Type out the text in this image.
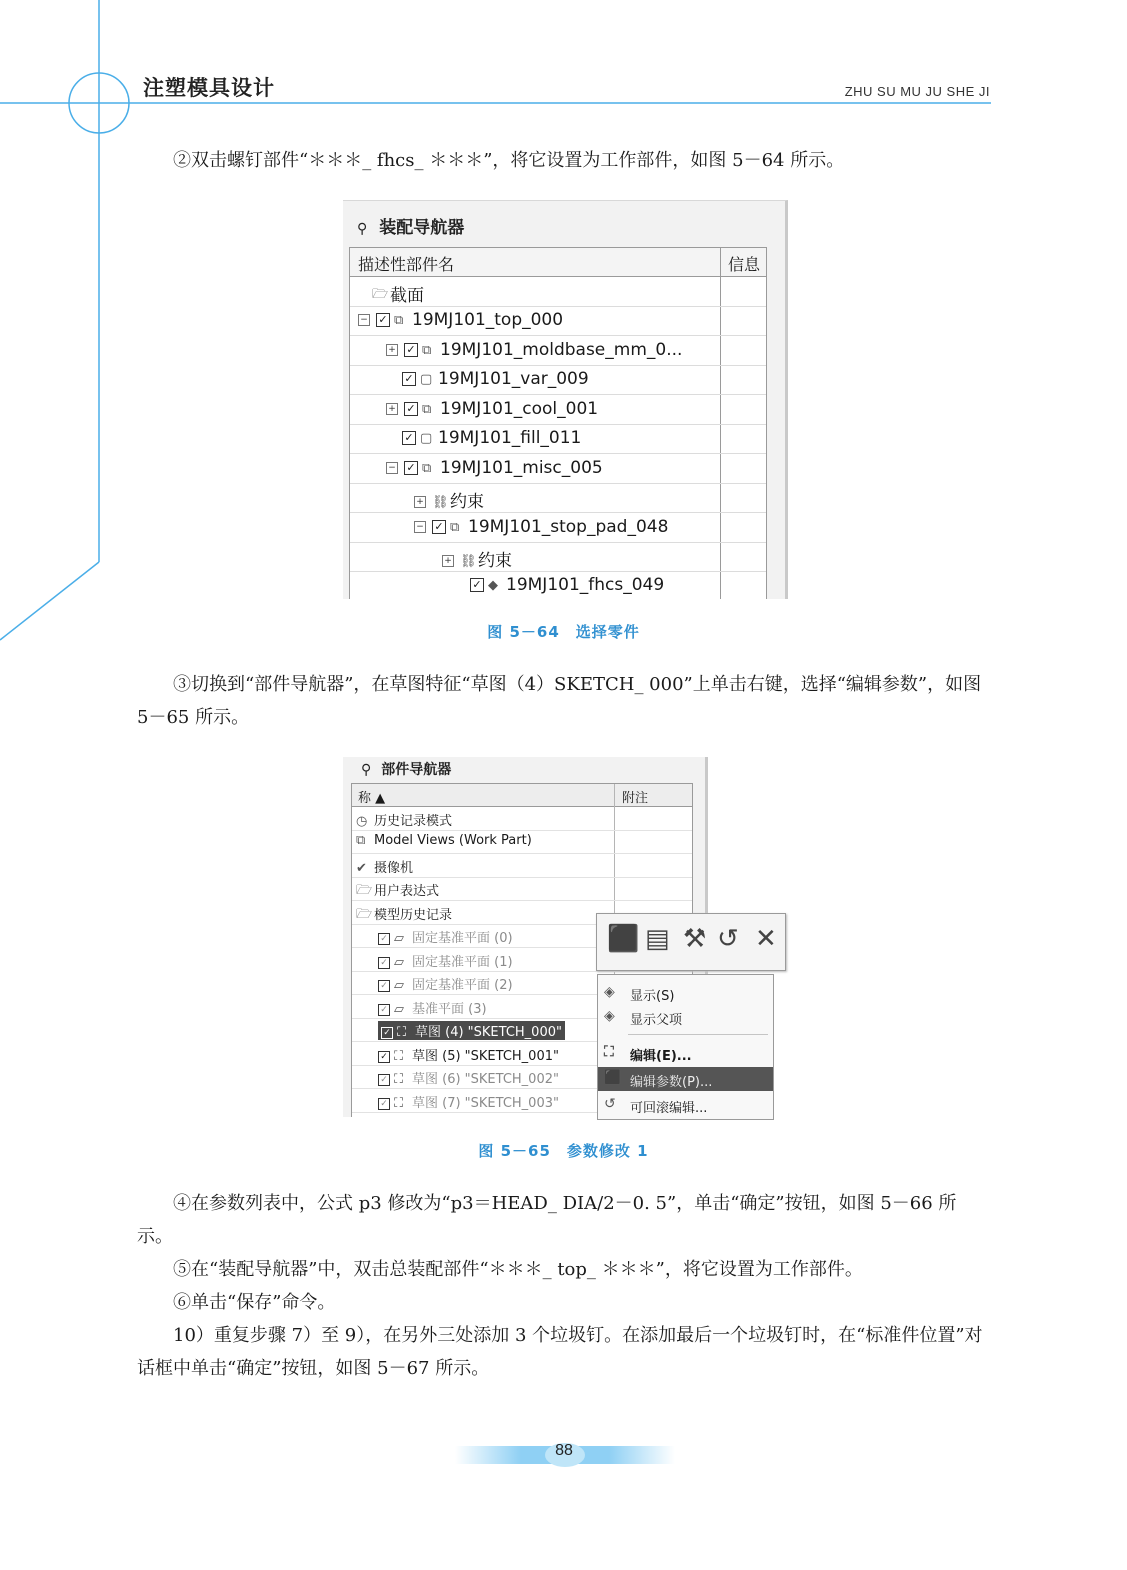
注塑模具设计	ZHU SU MU JU SHE JI

②双击螺钉部件“＊＊＊_ fhcs_ ＊＊＊”，将它设置为工作部件，如图 5－64 所示。

⚲ 装配导航器
描述性部件名	信息
🗁 截面
− ✓ ⧉ 19MJ101_top_000
+ ✓ ⧉ 19MJ101_moldbase_mm_0...
✓ ▢ 19MJ101_var_009
+ ✓ ⧉ 19MJ101_cool_001
✓ ▢ 19MJ101_fill_011
− ✓ ⧉ 19MJ101_misc_005
+ ⛓约束
− ✓ ⧉ 19MJ101_stop_pad_048
+ ⛓约束
✓ ◆ 19MJ101_fhcs_049
图 5－64　选择零件

③切换到“部件导航器”，在草图特征“草图（4）SKETCH_ 000”上单击右键，选择“编辑参数”，如图 5－65 所示。

⚲ 部件导航器
称 ▲	附注
◷ 历史记录模式
⧉ Model Views (Work Part)
✔ 摄像机
🗁 用户表达式
🗁 模型历史记录
✓ ▱ 固定基准平面 (0)
✓ ▱ 固定基准平面 (1)
✓ ▱ 固定基准平面 (2)
✓ ▱ 基准平面 (3)
✓ ⛶ 草图 (4) "SKETCH_000"
✓ ⛶ 草图 (5) "SKETCH_001"
✓ ⛶ 草图 (6) "SKETCH_002"
✓ ⛶ 草图 (7) "SKETCH_003"
⬛ ▤ ⚒ ↺ ✕
◈ 显示(S)
◈ 显示父项
⛶ 编辑(E)...
⬛ 编辑参数(P)...
↺ 可回滚编辑...
图 5－65　参数修改 1

④在参数列表中，公式 p3 修改为“p3＝HEAD_ DIA/2－0. 5”，单击“确定”按钮，如图 5－66 所示。

⑤在“装配导航器”中，双击总装配部件“＊＊＊_ top_ ＊＊＊”，将它设置为工作部件。

⑥单击“保存”命令。

10）重复步骤 7）至 9），在另外三处添加 3 个垃圾钉。在添加最后一个垃圾钉时，在“标准件位置”对话框中单击“确定”按钮，如图 5－67 所示。

88
